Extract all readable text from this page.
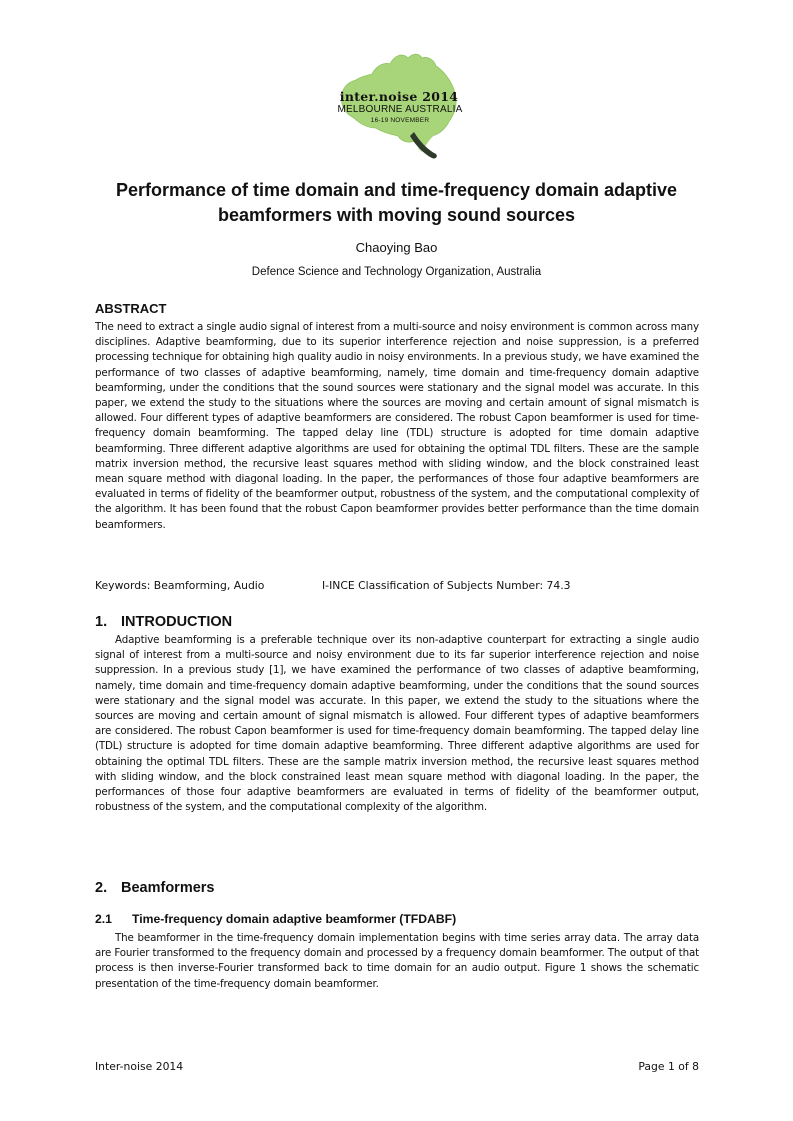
inter.noise 2014
MELBOURNE AUSTRALIA
16-19 NOVEMBER
Performance of time domain and time-frequency domain adaptive beamformers with moving sound sources
Chaoying Bao
Defence Science and Technology Organization, Australia
ABSTRACT

The need to extract a single audio signal of interest from a multi-source and noisy environment is common across many disciplines. Adaptive beamforming, due to its superior interference rejection and noise suppression, is a preferred processing technique for obtaining high quality audio in noisy environments. In a previous study, we have examined the performance of two classes of adaptive beamforming, namely, time domain and time-frequency domain adaptive beamforming, under the conditions that the sound sources were stationary and the signal model was accurate. In this paper, we extend the study to the situations where the sources are moving and certain amount of signal mismatch is allowed. Four different types of adaptive beamformers are considered. The robust Capon beamformer is used for time-frequency domain beamforming. The tapped delay line (TDL) structure is adopted for time domain adaptive beamforming. Three different adaptive algorithms are used for obtaining the optimal TDL filters. These are the sample matrix inversion method, the recursive least squares method with sliding window, and the block constrained least mean square method with diagonal loading. In the paper, the performances of those four adaptive beamformers are evaluated in terms of fidelity of the beamformer output, robustness of the system, and the computational complexity of the algorithm. It has been found that the robust Capon beamformer provides better performance than the time domain beamformers.

Keywords: Beamforming, Audio	I-INCE Classification of Subjects Number: 74.3
1. INTRODUCTION

Adaptive beamforming is a preferable technique over its non-adaptive counterpart for extracting a single audio signal of interest from a multi-source and noisy environment due to its far superior interference rejection and noise suppression. In a previous study [1], we have examined the performance of two classes of adaptive beamforming, namely, time domain and time-frequency domain adaptive beamforming, under the conditions that the sound sources were stationary and the signal model was accurate. In this paper, we extend the study to the situations where the sources are moving and certain amount of signal mismatch is allowed. Four different types of adaptive beamformers are considered. The robust Capon beamformer is used for time-frequency domain beamforming. The tapped delay line (TDL) structure is adopted for time domain adaptive beamforming. Three different adaptive algorithms are used for obtaining the optimal TDL filters. These are the sample matrix inversion method, the recursive least squares method with sliding window, and the block constrained least mean square method with diagonal loading. In the paper, the performances of those four adaptive beamformers are evaluated in terms of fidelity of the beamformer output, robustness of the system, and the computational complexity of the algorithm.

2. Beamformers
2.1 Time-frequency domain adaptive beamformer (TFDABF)

The beamformer in the time-frequency domain implementation begins with time series array data. The array data are Fourier transformed to the frequency domain and processed by a frequency domain beamformer. The output of that process is then inverse-Fourier transformed back to time domain for an audio output. Figure 1 shows the schematic presentation of the time-frequency domain beamformer.

Inter-noise 2014	Page 1 of 8
